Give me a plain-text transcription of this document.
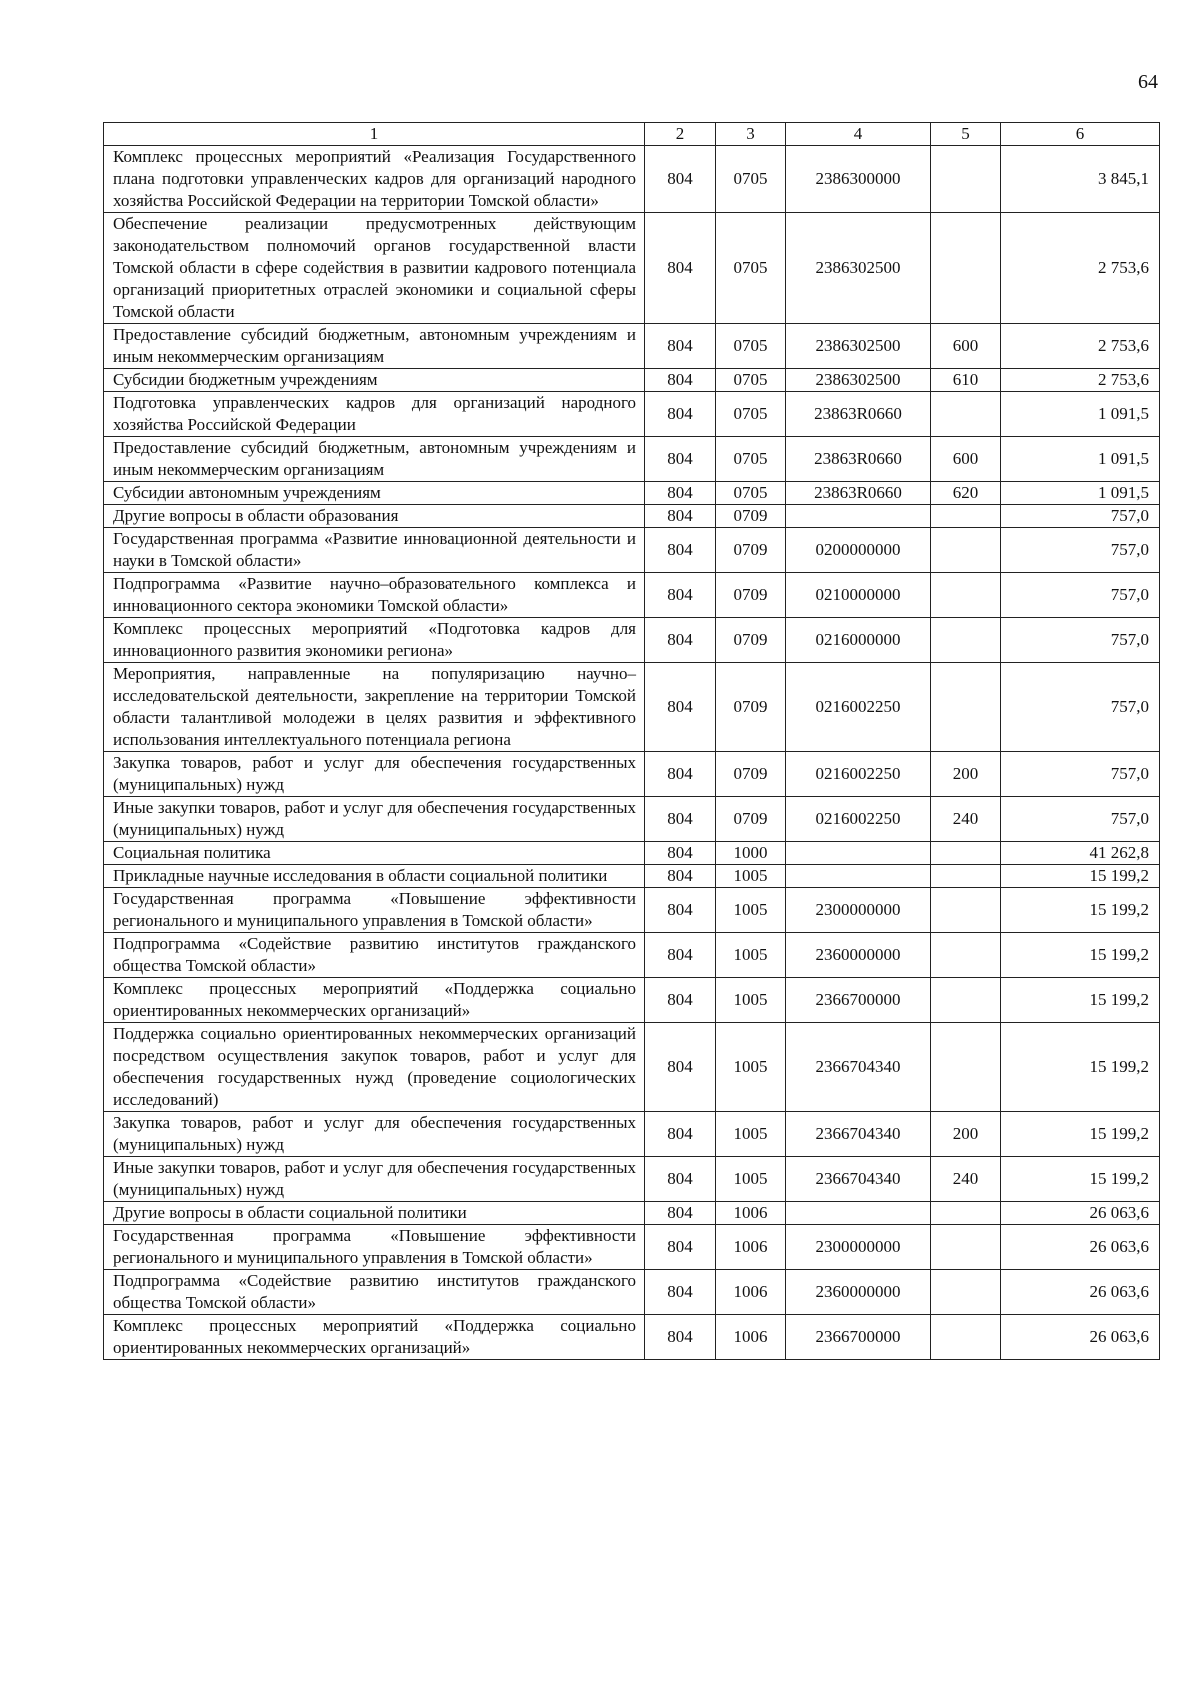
64
1	2	3	4	5	6
Комплекс процессных мероприятий «Реализация Государственного плана подготовки управленческих кадров для организаций народного хозяйства Российской Федерации на территории Томской области»	804	0705	2386300000		3 845,1
Обеспечение реализации предусмотренных действующим законодательством полномочий органов государственной власти Томской области в сфере содействия в развитии кадрового потенциала организаций приоритетных отраслей экономики и социальной сферы Томской области	804	0705	2386302500		2 753,6
Предоставление субсидий бюджетным, автономным учреждениям и иным некоммерческим организациям	804	0705	2386302500	600	2 753,6
Субсидии бюджетным учреждениям	804	0705	2386302500	610	2 753,6
Подготовка управленческих кадров для организаций народного хозяйства Российской Федерации	804	0705	23863R0660		1 091,5
Предоставление субсидий бюджетным, автономным учреждениям и иным некоммерческим организациям	804	0705	23863R0660	600	1 091,5
Субсидии автономным учреждениям	804	0705	23863R0660	620	1 091,5
Другие вопросы в области образования	804	0709			757,0
Государственная программа «Развитие инновационной деятельности и науки в Томской области»	804	0709	0200000000		757,0
Подпрограмма «Развитие научно–образовательного комплекса и инновационного сектора экономики Томской области»	804	0709	0210000000		757,0
Комплекс процессных мероприятий «Подготовка кадров для инновационного развития экономики региона»	804	0709	0216000000		757,0
Мероприятия, направленные на популяризацию научно–исследовательской деятельности, закрепление на территории Томской области талантливой молодежи в целях развития и эффективного использования интеллектуального потенциала региона	804	0709	0216002250		757,0
Закупка товаров, работ и услуг для обеспечения государственных (муниципальных) нужд	804	0709	0216002250	200	757,0
Иные закупки товаров, работ и услуг для обеспечения государственных (муниципальных) нужд	804	0709	0216002250	240	757,0
Социальная политика	804	1000			41 262,8
Прикладные научные исследования в области социальной политики	804	1005			15 199,2
Государственная программа «Повышение эффективности регионального и муниципального управления в Томской области»	804	1005	2300000000		15 199,2
Подпрограмма «Содействие развитию институтов гражданского общества Томской области»	804	1005	2360000000		15 199,2
Комплекс процессных мероприятий «Поддержка социально ориентированных некоммерческих организаций»	804	1005	2366700000		15 199,2
Поддержка социально ориентированных некоммерческих организаций посредством осуществления закупок товаров, работ и услуг для обеспечения государственных нужд (проведение социологических исследований)	804	1005	2366704340		15 199,2
Закупка товаров, работ и услуг для обеспечения государственных (муниципальных) нужд	804	1005	2366704340	200	15 199,2
Иные закупки товаров, работ и услуг для обеспечения государственных (муниципальных) нужд	804	1005	2366704340	240	15 199,2
Другие вопросы в области социальной политики	804	1006			26 063,6
Государственная программа «Повышение эффективности регионального и муниципального управления в Томской области»	804	1006	2300000000		26 063,6
Подпрограмма «Содействие развитию институтов гражданского общества Томской области»	804	1006	2360000000		26 063,6
Комплекс процессных мероприятий «Поддержка социально ориентированных некоммерческих организаций»	804	1006	2366700000		26 063,6
